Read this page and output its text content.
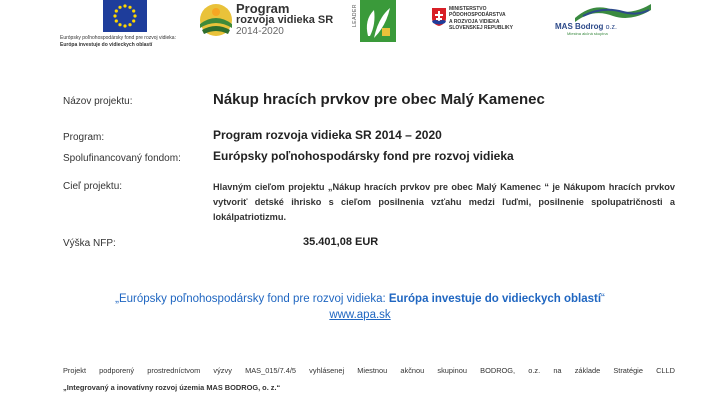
Európsky poľnohospodársky fond pre rozvoj vidieka:
Európa investuje do vidieckych oblastí
Program
rozvoja vidieka SR
2014-2020
LEADER	MINISTERSTVO
PÔDOHOSPODÁRSTVA
A ROZVOJA VIDIEKA
SLOVENSKEJ REPUBLIKY	MAS Bodrog o.z.
Miestna akčná skupina
Názov projektu:	Nákup hracích prvkov pre obec Malý Kamenec
Program:	Program rozvoja vidieka SR 2014 – 2020
Spolufinancovaný fondom:	Európsky poľnohospodársky fond pre rozvoj vidieka
Cieľ projektu:	Hlavným cieľom projektu „Nákup hracích prvkov pre obec Malý Kamenec “ je Nákupom hracích prvkov vytvoriť detské ihrisko s cieľom posilnenia vzťahu medzi ľuďmi, posilnenie spolupatričnosti a lokálpatriotizmu.
Výška NFP:	35.401,08 EUR
„Európsky poľnohospodársky fond pre rozvoj vidieka: Európa investuje do vidieckych oblastí“
www.apa.sk
Projekt podporený prostredníctvom výzvy MAS_015/7.4/5 vyhlásenej Miestnou akčnou skupinou BODROG, o.z. na základe Stratégie CLLD
„Integrovaný a inovatívny rozvoj územia MAS BODROG, o. z.“
